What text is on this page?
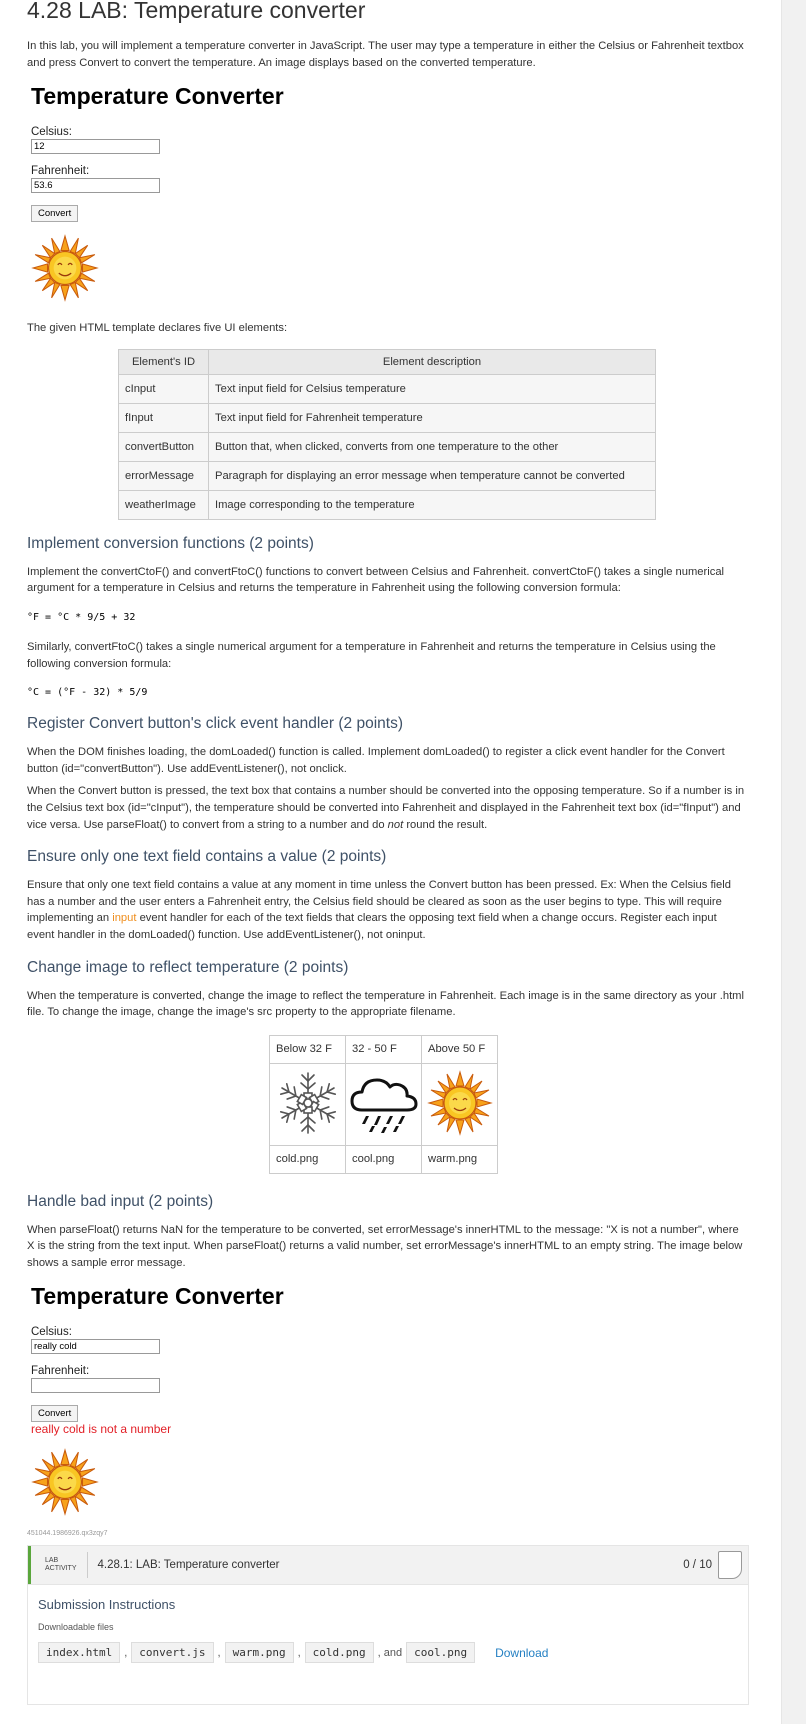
4.28 LAB: Temperature converter

In this lab, you will implement a temperature converter in JavaScript. The user may type a temperature in either the Celsius or Fahrenheit textbox and press Convert to convert the temperature. An image displays based on the converted temperature.

Temperature Converter
Celsius:
12
Fahrenheit:
53.6
Convert

The given HTML template declares five UI elements:

Element's ID	Element description
cInput	Text input field for Celsius temperature
fInput	Text input field for Fahrenheit temperature
convertButton	Button that, when clicked, converts from one temperature to the other
errorMessage	Paragraph for displaying an error message when temperature cannot be converted
weatherImage	Image corresponding to the temperature
Implement conversion functions (2 points)

Implement the convertCtoF() and convertFtoC() functions to convert between Celsius and Fahrenheit. convertCtoF() takes a single numerical argument for a temperature in Celsius and returns the temperature in Fahrenheit using the following conversion formula:

°F = °C * 9/5 + 32

Similarly, convertFtoC() takes a single numerical argument for a temperature in Fahrenheit and returns the temperature in Celsius using the following conversion formula:

°C = (°F - 32) * 5/9
Register Convert button's click event handler (2 points)

When the DOM finishes loading, the domLoaded() function is called. Implement domLoaded() to register a click event handler for the Convert button (id="convertButton"). Use addEventListener(), not onclick.

When the Convert button is pressed, the text box that contains a number should be converted into the opposing temperature. So if a number is in the Celsius text box (id="cInput"), the temperature should be converted into Fahrenheit and displayed in the Fahrenheit text box (id="fInput") and vice versa. Use parseFloat() to convert from a string to a number and do not round the result.

Ensure only one text field contains a value (2 points)

Ensure that only one text field contains a value at any moment in time unless the Convert button has been pressed. Ex: When the Celsius field has a number and the user enters a Fahrenheit entry, the Celsius field should be cleared as soon as the user begins to type. This will require implementing an input event handler for each of the text fields that clears the opposing text field when a change occurs. Register each input event handler in the domLoaded() function. Use addEventListener(), not oninput.

Change image to reflect temperature (2 points)

When the temperature is converted, change the image to reflect the temperature in Fahrenheit. Each image is in the same directory as your .html file. To change the image, change the image's src property to the appropriate filename.

Below 32 F	32 - 50 F	Above 50 F

cold.png	cool.png	warm.png
Handle bad input (2 points)

When parseFloat() returns NaN for the temperature to be converted, set errorMessage's innerHTML to the message: "X is not a number", where X is the string from the text input. When parseFloat() returns a valid number, set errorMessage's innerHTML to an empty string. The image below shows a sample error message.

Temperature Converter
Celsius:
really cold
Fahrenheit:
Convert
really cold is not a number
451044.1986926.qx3zqy7
LAB
ACTIVITY	4.28.1: LAB: Temperature converter	0 / 10
Submission Instructions
Downloadable files
index.html	,	convert.js	,	warm.png	,	cold.png	, and	cool.png	Download
